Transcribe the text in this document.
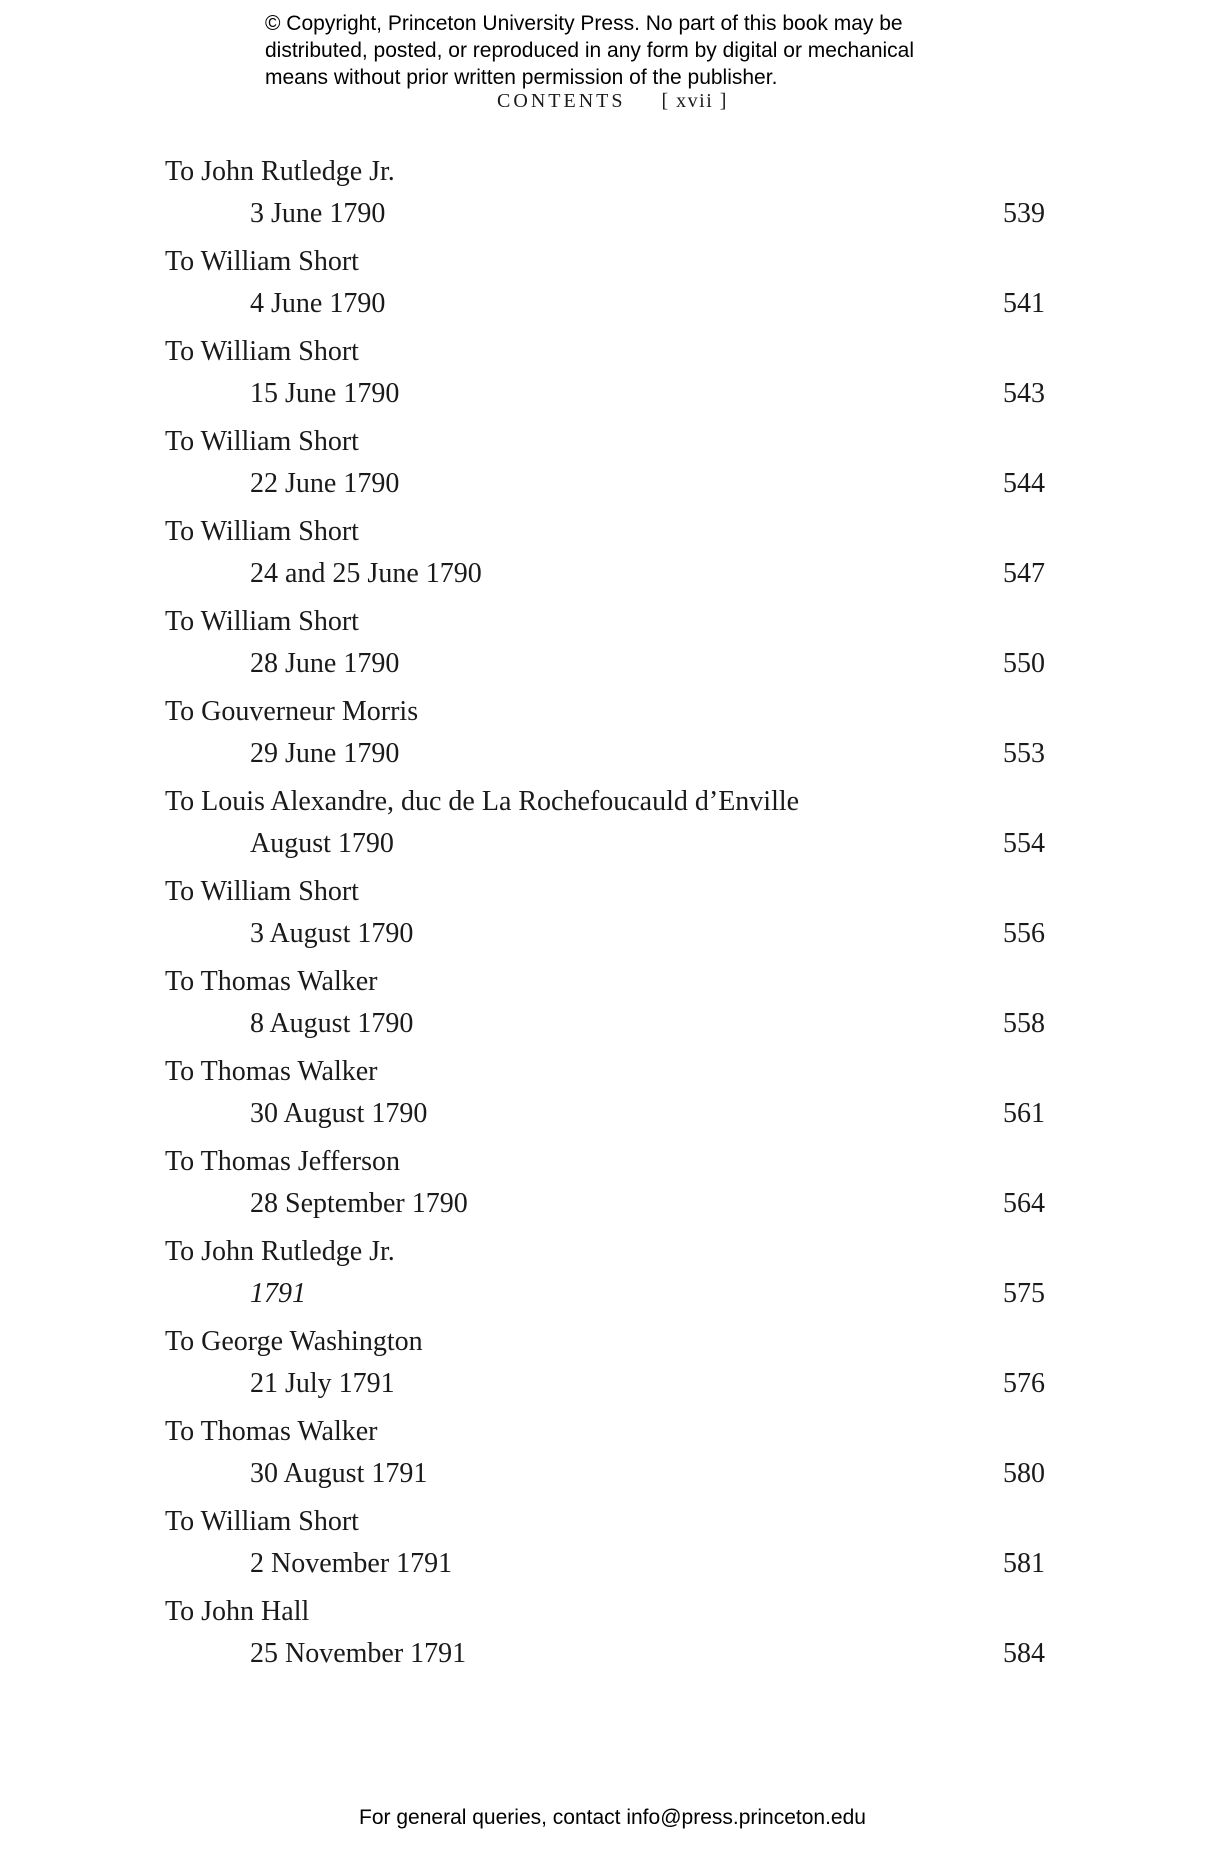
© Copyright, Princeton University Press. No part of this book may be
distributed, posted, or reproduced in any form by digital or mechanical
means without prior written permission of the publisher.
CONTENTS [ xvii ]
To John Rutledge Jr.
3 June 1790	539
To William Short
4 June 1790	541
To William Short
15 June 1790	543
To William Short
22 June 1790	544
To William Short
24 and 25 June 1790	547
To William Short
28 June 1790	550
To Gouverneur Morris
29 June 1790	553
To Louis Alexandre, duc de La Rochefoucauld d’Enville
August 1790	554
To William Short
3 August 1790	556
To Thomas Walker
8 August 1790	558
To Thomas Walker
30 August 1790	561
To Thomas Jefferson
28 September 1790	564
To John Rutledge Jr.
1791	575
To George Washington
21 July 1791	576
To Thomas Walker
30 August 1791	580
To William Short
2 November 1791	581
To John Hall
25 November 1791	584
For general queries, contact info@press.princeton.edu
